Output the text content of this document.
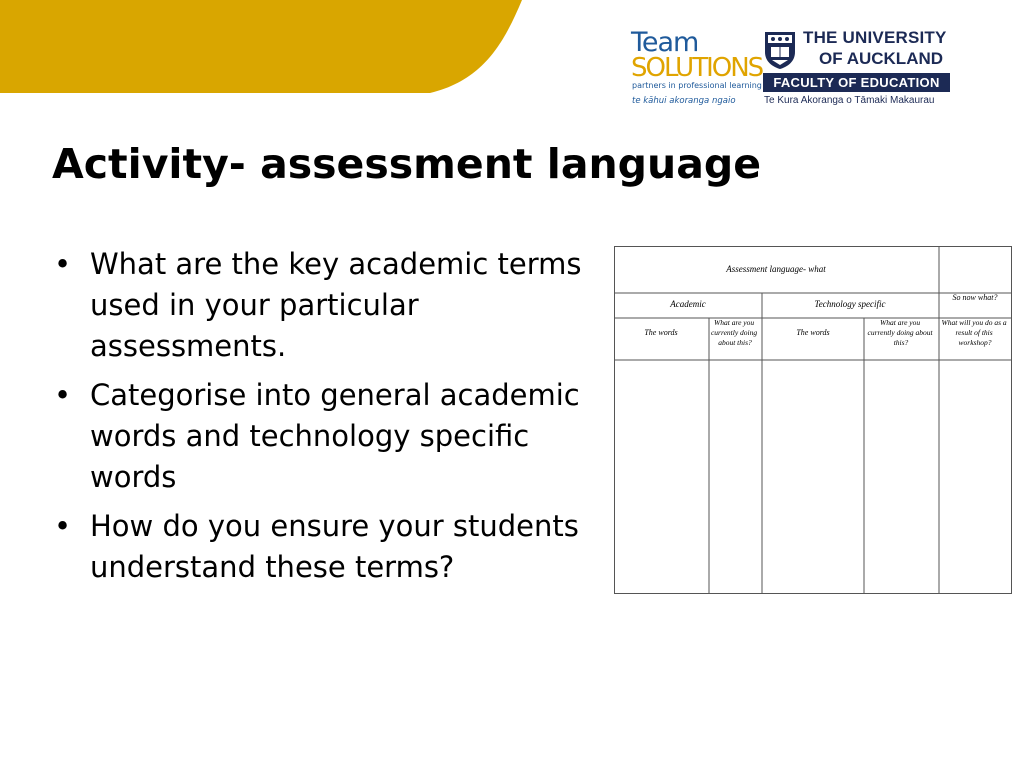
Team
SOLUTIONS
partners in professional learning
te kāhui akoranga ngaio
THE UNIVERSITY
OF AUCKLAND
FACULTY OF EDUCATION
Te Kura Akoranga o Tāmaki Makaurau
Activity- assessment language
• What are the key academic terms used in your particular assessments.
• Categorise into general academic words and technology specific words
• How do you ensure your students understand these terms?
Assessment language- what
Academic	Technology specific
So now what?
The words
What are you currently doing about this?
The words
What are you currently doing about this?
What will you do as a result of this workshop?
